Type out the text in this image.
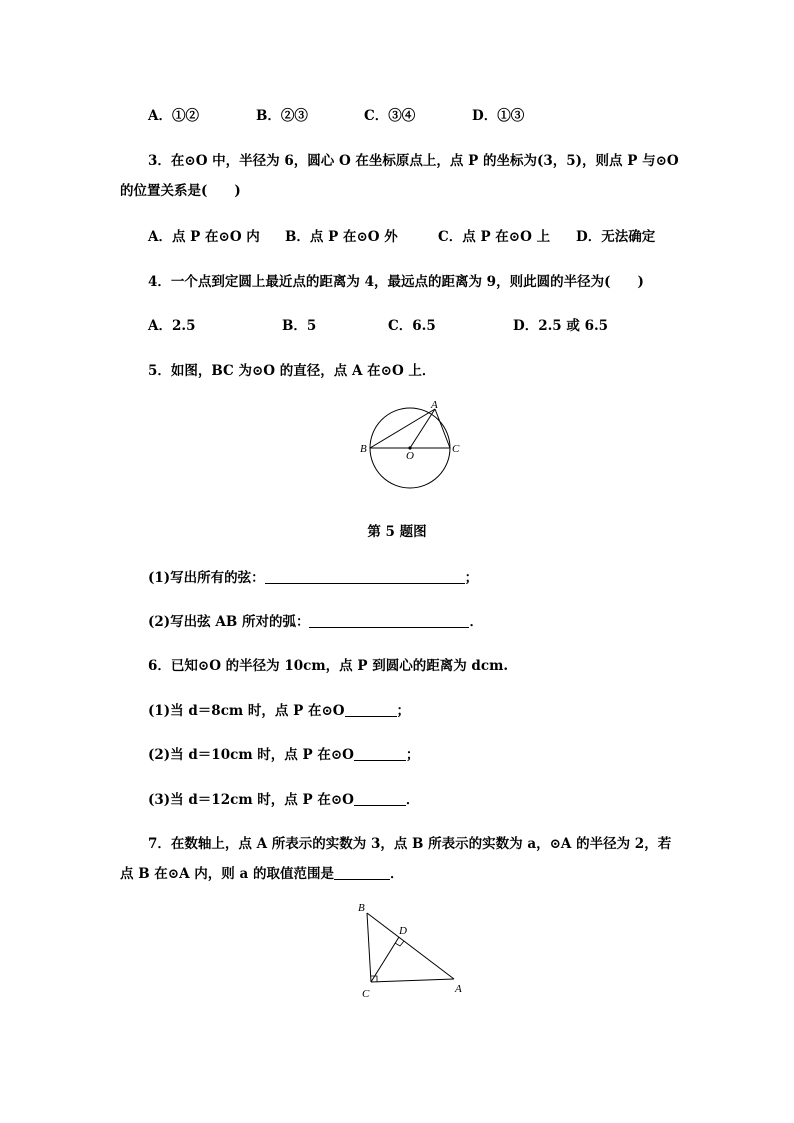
A．①②	B．②③	C．③④	D．①③
3．在⊙O 中，半径为 6，圆心 O 在坐标原点上，点 P 的坐标为(3，5)，则点 P 与⊙O
的位置关系是(　　)
A．点 P 在⊙O 内 B．点 P 在⊙O 外	C．点 P 在⊙O 上 D．无法确定
4．一个点到定圆上最近点的距离为 4，最远点的距离为 9，则此圆的半径为(　　)
A．2.5	B．5	C．6.5	D．2.5 或 6.5
5．如图，BC 为⊙O 的直径，点 A 在⊙O 上．
A
B	C
O
第 5 题图
(1)写出所有的弦：	；
(2)写出弦 AB 所对的弧：	．
6．已知⊙O 的半径为 10cm，点 P 到圆心的距离为 dcm.
(1)当 d＝8cm 时，点 P 在⊙O	；
(2)当 d＝10cm 时，点 P 在⊙O	；
(3)当 d＝12cm 时，点 P 在⊙O	．
7．在数轴上，点 A 所表示的实数为 3，点 B 所表示的实数为 a，⊙A 的半径为 2，若
点 B 在⊙A 内，则 a 的取值范围是	．
B
D
C	A
